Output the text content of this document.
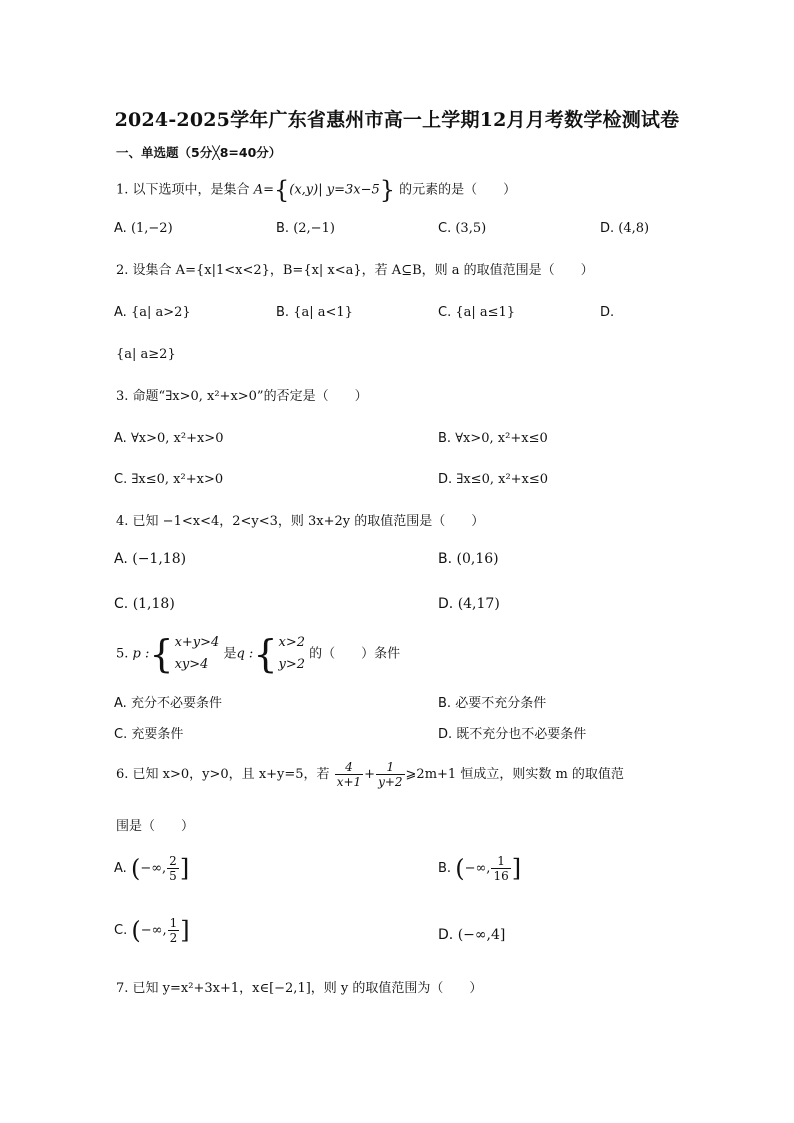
2024-2025学年广东省惠州市高一上学期12月月考数学检测试卷
一、单选题（5分╳8=40分）
1. 以下选项中，是集合 A={(x,y)| y=3x−5} 的元素的是（　　）
A. (1,−2)	B. (2,−1)	C. (3,5)	D. (4,8)
2. 设集合 A={x|1<x<2}，B={x| x<a}，若 A⊆B，则 a 的取值范围是（　　）
A. {a| a>2}	B. {a| a<1}	C. {a| a≤1}	D.
{a| a≥2}
3. 命题“∃x>0, x²+x>0”的否定是（　　）
A. ∀x>0, x²+x>0	B. ∀x>0, x²+x≤0
C. ∃x≤0, x²+x>0	D. ∃x≤0, x²+x≤0
4. 已知 −1<x<4，2<y<3，则 3x+2y 的取值范围是（　　）
A. (−1,18)	B. (0,16)
C. (1,18)	D. (4,17)
5. p :{ x+y>4
xy>4
是q :{ x>2
y>2
的（　　）条件
A. 充分不必要条件	B. 必要不充分条件
C. 充要条件	D. 既不充分也不必要条件
6. 已知 x>0，y>0，且 x+y=5，若 $\frac{4}{x+1} + \frac{1}{y+2}$ ⩾2m+1 恒成立，则实数 m 的取值范
围是（　　）
A. (−∞, $\frac{2}{5}$ ]	B. (−∞, $\frac{1}{16}$ ]
C. (−∞, $\frac{1}{2}$ ]	D. (−∞,4]
7. 已知 y=x²+3x+1，x∈[−2,1]，则 y 的取值范围为（　　）
